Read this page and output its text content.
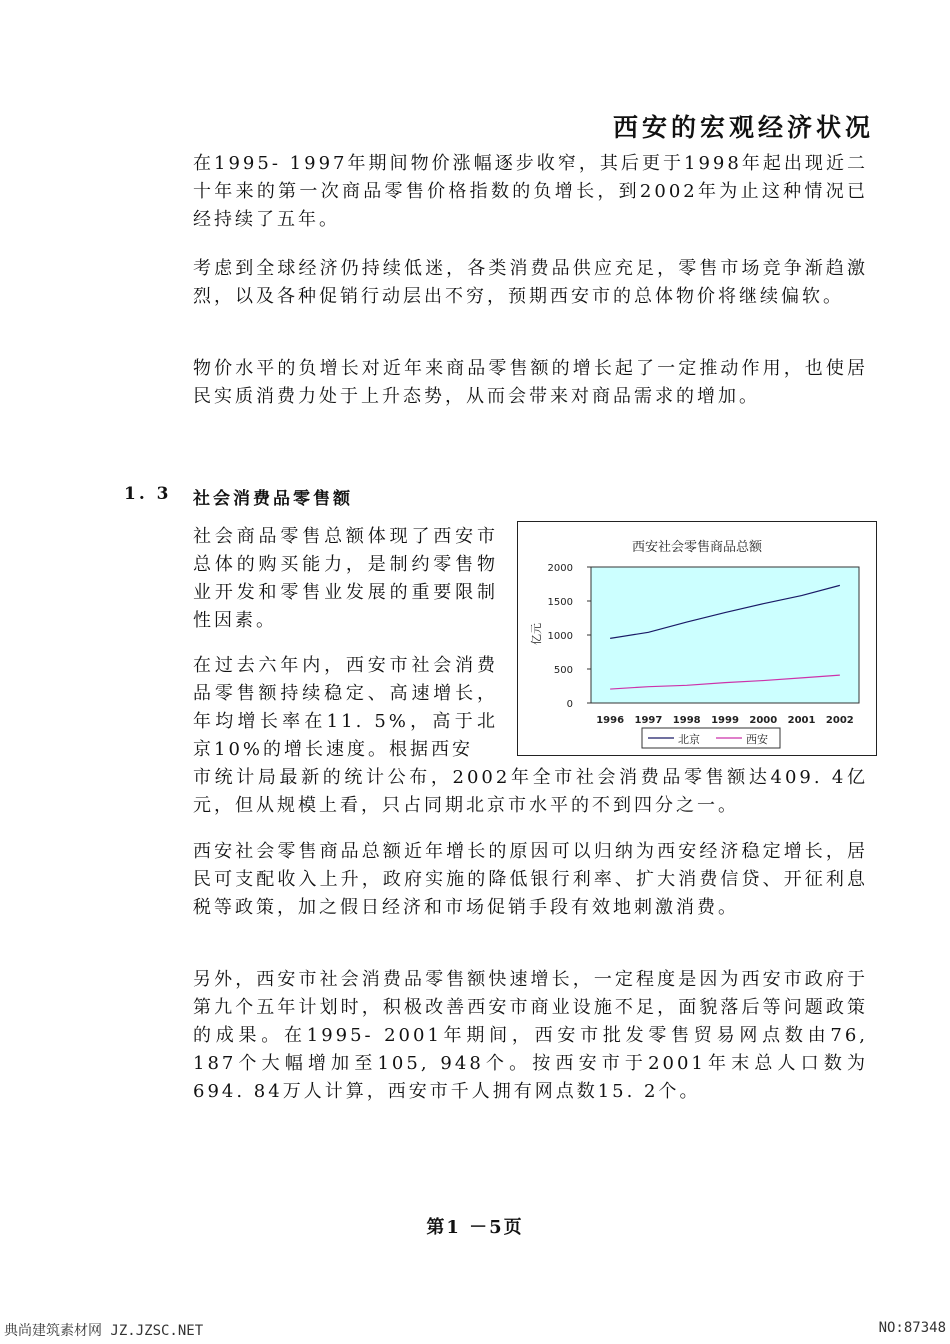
西安的宏观经济状况

在1995- 1997年期间物价涨幅逐步收窄，其后更于1998年起出现近二十年来的第一次商品零售价格指数的负增长，到2002年为止这种情况已经持续了五年。

考虑到全球经济仍持续低迷，各类消费品供应充足，零售市场竞争渐趋激烈，以及各种促销行动层出不穷，预期西安市的总体物价将继续偏软。

物价水平的负增长对近年来商品零售额的增长起了一定推动作用，也使居民实质消费力处于上升态势，从而会带来对商品需求的增加。

1. 3 社会消费品零售额

社会商品零售总额体现了西安市总体的购买能力，是制约零售物业开发和零售业发展的重要限制性因素。

在过去六年内，西安市社会消费品零售额持续稳定、高速增长，年均增长率在11. 5%，高于北京10%的增长速度。根据西安

市统计局最新的统计公布，2002年全市社会消费品零售额达409. 4亿元，但从规模上看，只占同期北京市水平的不到四分之一。

西安社会零售商品总额近年增长的原因可以归纳为西安经济稳定增长，居民可支配收入上升，政府实施的降低银行利率、扩大消费信贷、开征利息税等政策，加之假日经济和市场促销手段有效地刺激消费。

另外，西安市社会消费品零售额快速增长，一定程度是因为西安市政府于第九个五年计划时，积极改善西安市商业设施不足，面貌落后等问题政策的成果。在1995- 2001年期间，西安市批发零售贸易网点数由76, 187个大幅增加至105, 948个。按西安市于2001年末总人口数为694. 84万人计算，西安市千人拥有网点数15. 2个。

西安社会零售商品总额
亿元
0
500
1000
1500
2000
1996 1997 1998 1999 2000 2001 2002
北京	西安
第1 －5页
典尚建筑素材网 JZ.JZSC.NET	NO:87348
